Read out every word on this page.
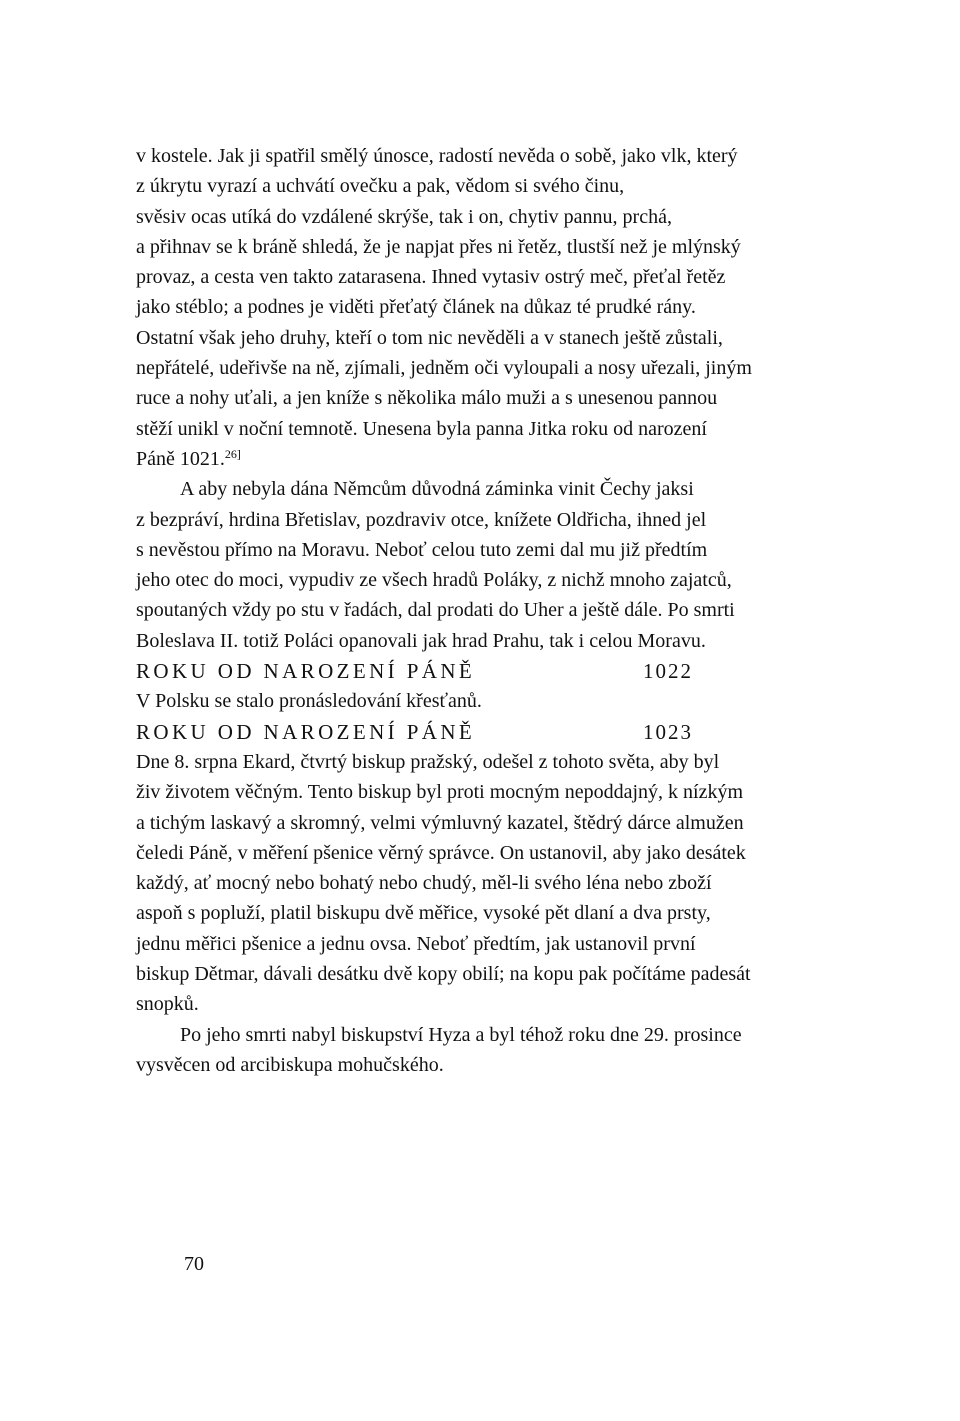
v kostele. Jak ji spatřil smělý únosce, radostí nevěda o sobě, jako vlk, který
z úkrytu vyrazí a uchvátí ovečku a pak, vědom si svého činu,
svěsiv ocas utíká do vzdálené skrýše, tak i on, chytiv pannu, prchá,
a přihnav se k bráně shledá, že je napjat přes ni řetěz, tlustší než je mlýnský
provaz, a cesta ven takto zatarasena. Ihned vytasiv ostrý meč, přeťal řetěz
jako stéblo; a podnes je viděti přeťatý článek na důkaz té prudké rány.
Ostatní však jeho druhy, kteří o tom nic nevěděli a v stanech ještě zůstali,
nepřátelé, udeřivše na ně, zjímali, jedněm oči vyloupali a nosy uřezali, jiným
ruce a nohy uťali, a jen kníže s několika málo muži a s unesenou pannou
stěží unikl v noční temnotě. Unesena byla panna Jitka roku od narození
Páně 1021.$^{26]}$
A aby nebyla dána Němcům důvodná záminka vinit Čechy jaksi
z bezpráví, hrdina Břetislav, pozdraviv otce, knížete Oldřicha, ihned jel
s nevěstou přímo na Moravu. Neboť celou tuto zemi dal mu již předtím
jeho otec do moci, vypudiv ze všech hradů Poláky, z nichž mnoho zajatců,
spoutaných vždy po stu v řadách, dal prodati do Uher a ještě dále. Po smrti
Boleslava II. totiž Poláci opanovali jak hrad Prahu, tak i celou Moravu.
ROKU OD NAROZENÍ PÁNĚ	1022
V Polsku se stalo pronásledování křesťanů.
ROKU OD NAROZENÍ PÁNĚ	1023
Dne 8. srpna Ekard, čtvrtý biskup pražský, odešel z tohoto světa, aby byl
živ životem věčným. Tento biskup byl proti mocným nepoddajný, k nízkým
a tichým laskavý a skromný, velmi výmluvný kazatel, štědrý dárce almužen
čeledi Páně, v měření pšenice věrný správce. On ustanovil, aby jako desátek
každý, ať mocný nebo bohatý nebo chudý, měl-li svého léna nebo zboží
aspoň s popluží, platil biskupu dvě měřice, vysoké pět dlaní a dva prsty,
jednu měřici pšenice a jednu ovsa. Neboť předtím, jak ustanovil první
biskup Dětmar, dávali desátku dvě kopy obilí; na kopu pak počítáme padesát
snopků.
Po jeho smrti nabyl biskupství Hyza a byl téhož roku dne 29. prosince
vysvěcen od arcibiskupa mohučského.
70
